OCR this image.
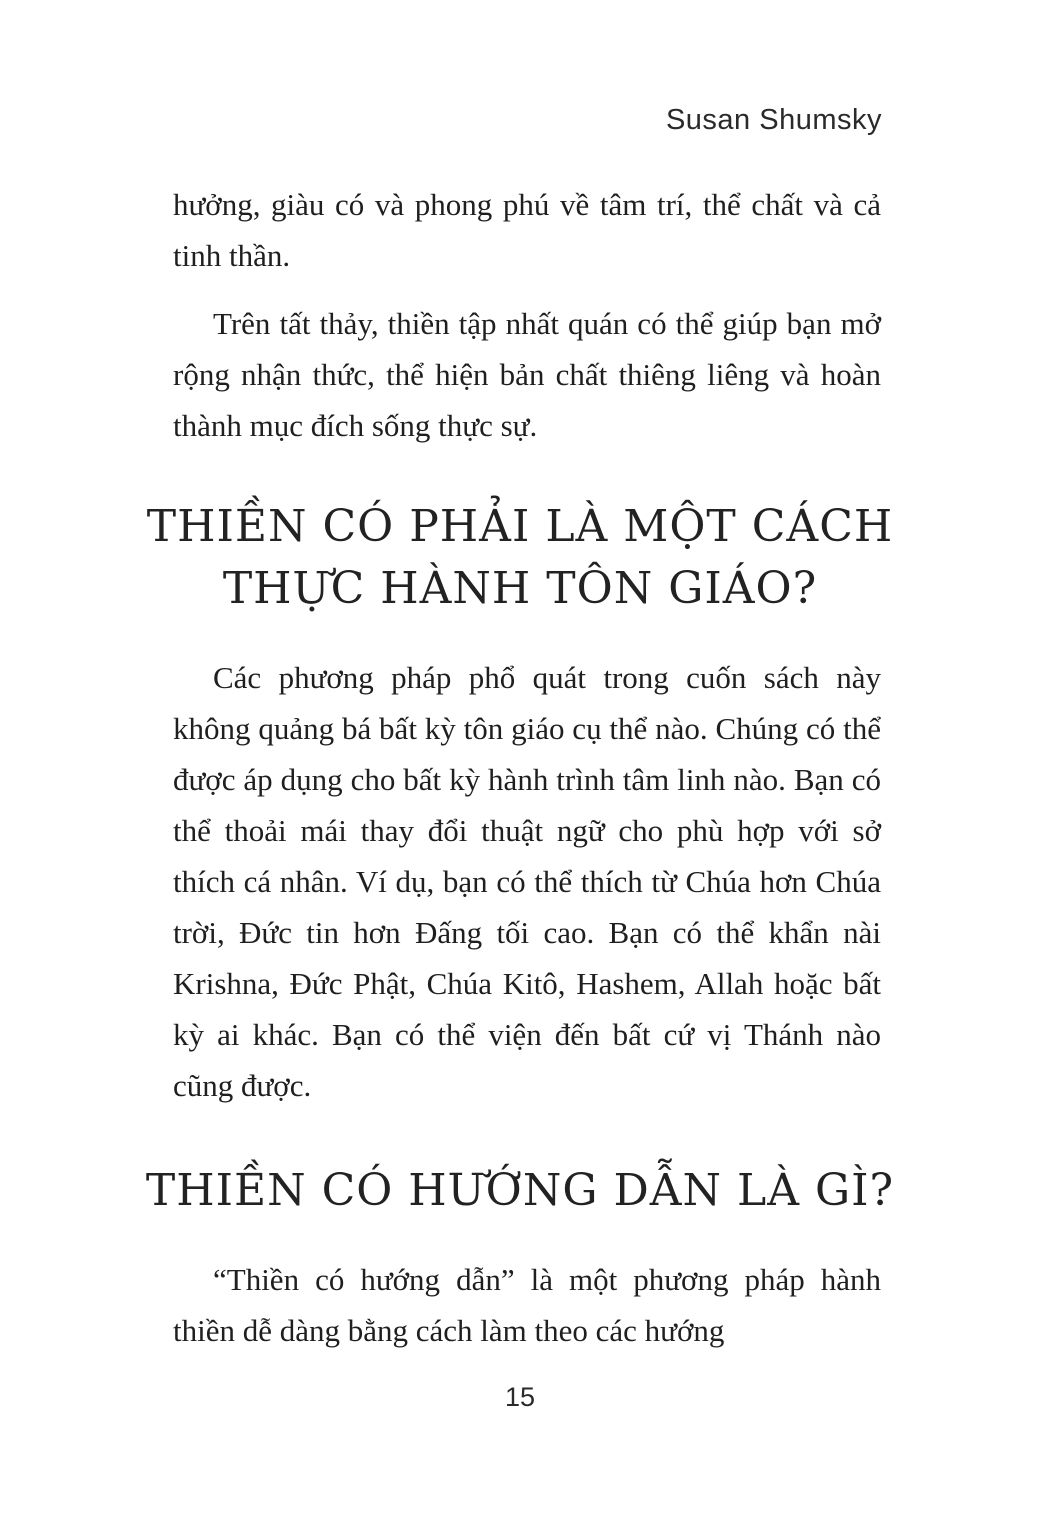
Susan Shumsky

hưởng, giàu có và phong phú về tâm trí, thể chất và cả tinh thần.

Trên tất thảy, thiền tập nhất quán có thể giúp bạn mở rộng nhận thức, thể hiện bản chất thiêng liêng và hoàn thành mục đích sống thực sự.

THIỀN CÓ PHẢI LÀ MỘT CÁCH
THỰC HÀNH TÔN GIÁO?

Các phương pháp phổ quát trong cuốn sách này không quảng bá bất kỳ tôn giáo cụ thể nào. Chúng có thể được áp dụng cho bất kỳ hành trình tâm linh nào. Bạn có thể thoải mái thay đổi thuật ngữ cho phù hợp với sở thích cá nhân. Ví dụ, bạn có thể thích từ Chúa hơn Chúa trời, Đức tin hơn Đấng tối cao. Bạn có thể khẩn nài Krishna, Đức Phật, Chúa Kitô, Hashem, Allah hoặc bất kỳ ai khác. Bạn có thể viện đến bất cứ vị Thánh nào cũng được.

THIỀN CÓ HƯỚNG DẪN LÀ GÌ?

“Thiền có hướng dẫn” là một phương pháp hành thiền dễ dàng bằng cách làm theo các hướng

15
